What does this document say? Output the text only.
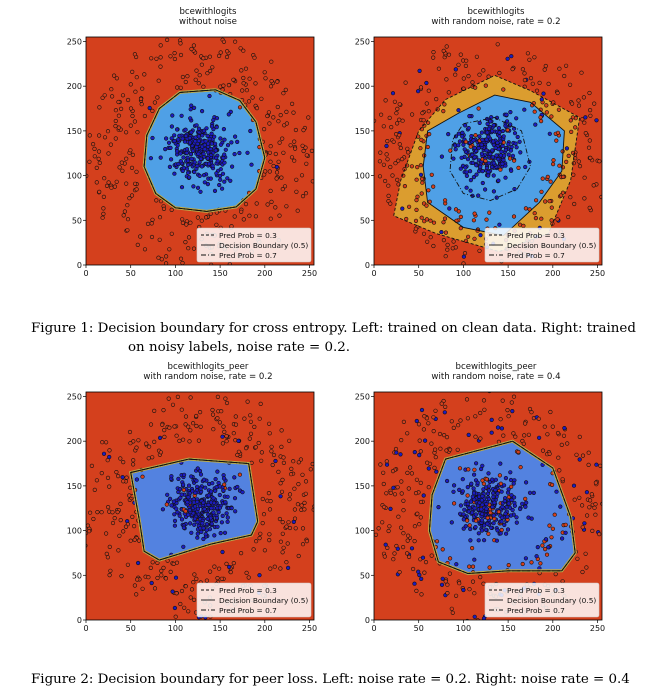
bcewithlogits
without noise
0	50	100	150	200	250
0
50
100
150
200
250
Pred Prob = 0.3
Decision Boundary (0.5)
Pred Prob = 0.7
bcewithlogits
with random noise, rate = 0.2
0	50	100	150	200	250
0
50
100
150
200
250
Pred Prob = 0.3
Decision Boundary (0.5)
Pred Prob = 0.7
Figure 1: Decision boundary for cross entropy. Left: trained on clean data. Right: trained
on noisy labels, noise rate = 0.2.
bcewithlogits_peer
with random noise, rate = 0.2
0	50	100	150	200	250
0
50
100
150
200
250
Pred Prob = 0.3
Decision Boundary (0.5)
Pred Prob = 0.7
bcewithlogits_peer
with random noise, rate = 0.4
0	50	100	150	200	250
0
50
100
150
200
250
Pred Prob = 0.3
Decision Boundary (0.5)
Pred Prob = 0.7
Figure 2: Decision boundary for peer loss. Left: noise rate = 0.2. Right: noise rate = 0.4
